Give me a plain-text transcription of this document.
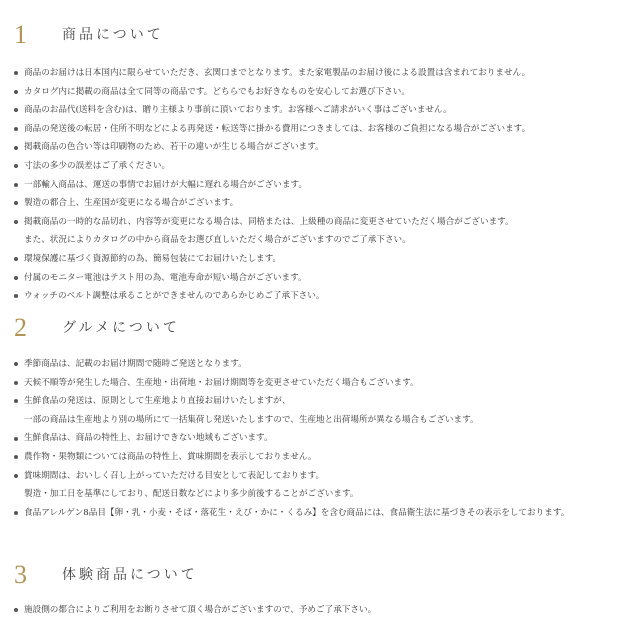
1	商品について
商品のお届けは日本国内に限らせていただき、玄関口までとなります。また家電製品のお届け後による設置は含まれておりません。
カタログ内に掲載の商品は全て同等の商品です。どちらでもお好きなものを安心してお選び下さい。
商品のお品代(送料を含む)は、贈り主様より事前に頂いております。お客様へご請求がいく事はございません。
商品の発送後の転居・住所不明などによる再発送・転送等に掛かる費用につきましては、お客様のご負担になる場合がございます。
掲載商品の色合い等は印刷物のため、若干の違いが生じる場合がございます。
寸法の多少の誤差はご了承ください。
一部輸入商品は、運送の事情でお届けが大幅に遅れる場合がございます。
製造の都合上、生産国が変更になる場合がございます。
掲載商品の一時的な品切れ、内容等が変更になる場合は、同格または、上級種の商品に変更させていただく場合がございます。
また、状況によりカタログの中から商品をお選び直しいただく場合がございますのでご了承下さい。
環境保護に基づく資源節約の為、簡易包装にてお届けいたします。
付属のモニター電池はテスト用の為、電池寿命が短い場合がございます。
ウォッチのベルト調整は承ることができませんのであらかじめご了承下さい。
2	グルメについて
季節商品は、記載のお届け期間で随時ご発送となります。
天候不順等が発生した場合、生産地・出荷地・お届け期間等を変更させていただく場合もございます。
生鮮食品の発送は、原則として生産地より直接お届けいたしますが、
一部の商品は生産地より別の場所にて一括集荷し発送いたしますので、生産地と出荷場所が異なる場合もございます。
生鮮食品は、商品の特性上、お届けできない地域もございます。
農作物・果物類については商品の特性上、賞味期間を表示しておりません。
賞味期間は、おいしく召し上がっていただける目安として表記しております。
製造・加工日を基準にしており、配送日数などにより多少前後することがございます。
食品アレルゲン8品目【卵・乳・小麦・そば・落花生・えび・かに・くるみ】を含む商品には、食品衛生法に基づきその表示をしております。
3	体験商品について
施設側の都合によりご利用をお断りさせて頂く場合がございますので、予めご了承下さい。
